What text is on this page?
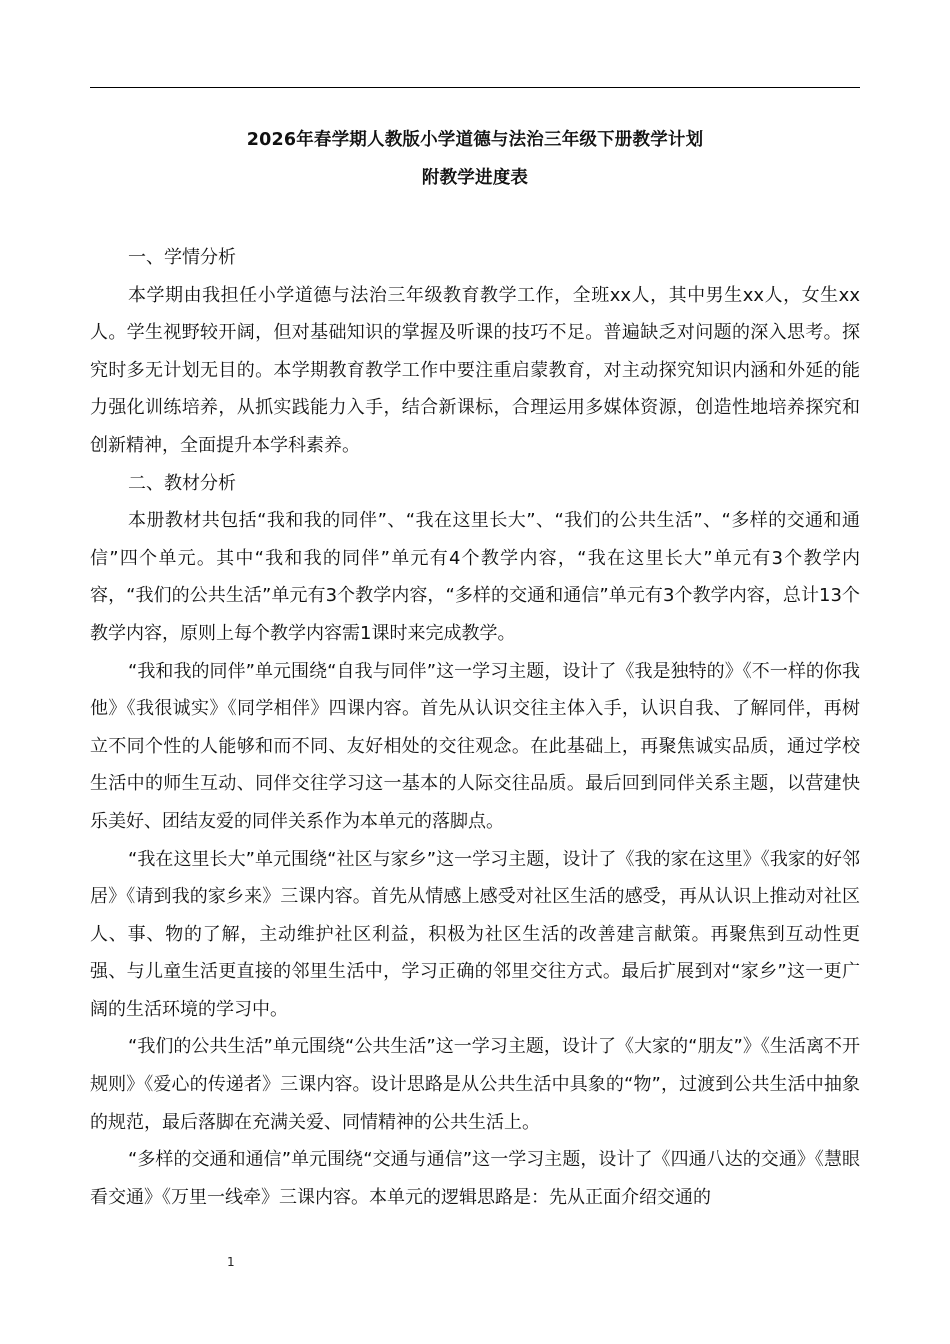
2026年春学期人教版小学道德与法治三年级下册教学计划
附教学进度表

一、学情分析

本学期由我担任小学道德与法治三年级教育教学工作，全班xx人，其中男生xx人，女生xx人。学生视野较开阔，但对基础知识的掌握及听课的技巧不足。普遍缺乏对问题的深入思考。探究时多无计划无目的。本学期教育教学工作中要注重启蒙教育，对主动探究知识内涵和外延的能力强化训练培养，从抓实践能力入手，结合新课标，合理运用多媒体资源，创造性地培养探究和创新精神，全面提升本学科素养。

二、教材分析

本册教材共包括“我和我的同伴”、“我在这里长大”、“我们的公共生活”、“多样的交通和通信”四个单元。其中“我和我的同伴”单元有4个教学内容，“我在这里长大”单元有3个教学内容，“我们的公共生活”单元有3个教学内容，“多样的交通和通信”单元有3个教学内容，总计13个教学内容，原则上每个教学内容需1课时来完成教学。

“我和我的同伴”单元围绕“自我与同伴”这一学习主题，设计了《我是独特的》《不一样的你我他》《我很诚实》《同学相伴》四课内容。首先从认识交往主体入手，认识自我、了解同伴，再树立不同个性的人能够和而不同、友好相处的交往观念。在此基础上，再聚焦诚实品质，通过学校生活中的师生互动、同伴交往学习这一基本的人际交往品质。最后回到同伴关系主题，以营建快乐美好、团结友爱的同伴关系作为本单元的落脚点。

“我在这里长大”单元围绕“社区与家乡”这一学习主题，设计了《我的家在这里》《我家的好邻居》《请到我的家乡来》三课内容。首先从情感上感受对社区生活的感受，再从认识上推动对社区人、事、物的了解，主动维护社区利益，积极为社区生活的改善建言献策。再聚焦到互动性更强、与儿童生活更直接的邻里生活中，学习正确的邻里交往方式。最后扩展到对“家乡”这一更广阔的生活环境的学习中。

“我们的公共生活”单元围绕“公共生活”这一学习主题，设计了《大家的“朋友”》《生活离不开规则》《爱心的传递者》三课内容。设计思路是从公共生活中具象的“物”，过渡到公共生活中抽象的规范，最后落脚在充满关爱、同情精神的公共生活上。

“多样的交通和通信”单元围绕“交通与通信”这一学习主题，设计了《四通八达的交通》《慧眼看交通》《万里一线牵》三课内容。本单元的逻辑思路是：先从正面介绍交通的

1
